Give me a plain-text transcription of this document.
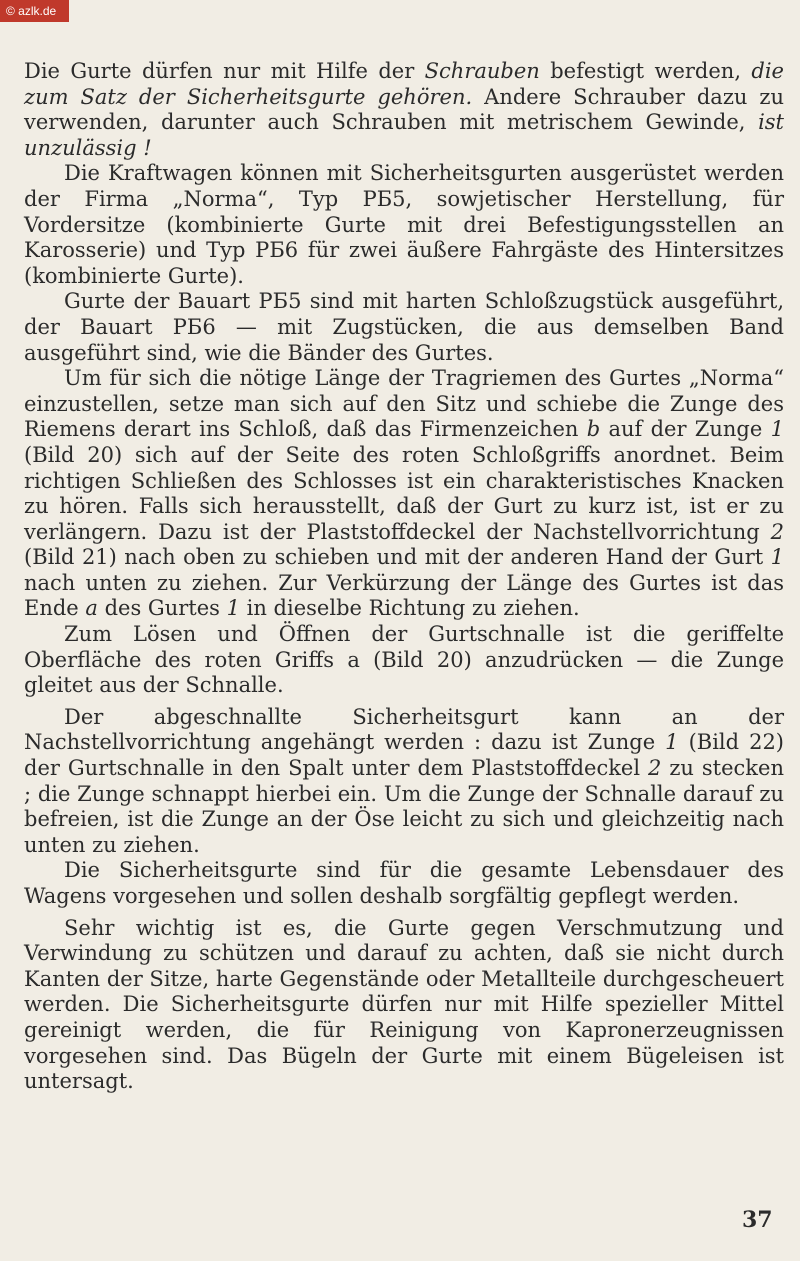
© azlk.de

Die Gurte dürfen nur mit Hilfe der Schrauben befestigt werden, die zum Satz der Sicherheitsgurte gehören. Andere Schrauber dazu zu verwenden, darunter auch Schrauben mit metrischem Gewinde, ist unzulässig !

Die Kraftwagen können mit Sicherheitsgurten ausgerüstet werden der Firma „Norma“, Typ РБ5, sowjetischer Herstellung, für Vordersitze (kombinierte Gurte mit drei Befestigungsstellen an Karosserie) und Typ РБ6 für zwei äußere Fahrgäste des Hintersitzes (kombinierte Gurte).

Gurte der Bauart РБ5 sind mit harten Schloßzugstück ausgeführt, der Bauart РБ6 — mit Zugstücken, die aus demselben Band ausgeführt sind, wie die Bänder des Gurtes.

Um für sich die nötige Länge der Tragriemen des Gurtes „Norma“ einzustellen, setze man sich auf den Sitz und schiebe die Zunge des Riemens derart ins Schloß, daß das Firmenzeichen b auf der Zunge 1 (Bild 20) sich auf der Seite des roten Schloßgriffs anordnet. Beim richtigen Schließen des Schlosses ist ein charakteristisches Knacken zu hören. Falls sich herausstellt, daß der Gurt zu kurz ist, ist er zu verlängern. Dazu ist der Plaststoffdeckel der Nachstellvorrichtung 2 (Bild 21) nach oben zu schieben und mit der anderen Hand der Gurt 1 nach unten zu ziehen. Zur Verkürzung der Länge des Gurtes ist das Ende a des Gurtes 1 in dieselbe Richtung zu ziehen.

Zum Lösen und Öffnen der Gurtschnalle ist die geriffelte Oberfläche des roten Griffs a (Bild 20) anzudrücken — die Zunge gleitet aus der Schnalle.

Der abgeschnallte Sicherheitsgurt kann an der Nachstellvorrichtung angehängt werden : dazu ist Zunge 1 (Bild 22) der Gurtschnalle in den Spalt unter dem Plaststoffdeckel 2 zu stecken ; die Zunge schnappt hierbei ein. Um die Zunge der Schnalle darauf zu befreien, ist die Zunge an der Öse leicht zu sich und gleichzeitig nach unten zu ziehen.

Die Sicherheitsgurte sind für die gesamte Lebensdauer des Wagens vorgesehen und sollen deshalb sorgfältig gepflegt werden.

Sehr wichtig ist es, die Gurte gegen Verschmutzung und Verwindung zu schützen und darauf zu achten, daß sie nicht durch Kanten der Sitze, harte Gegenstände oder Metallteile durchgescheuert werden. Die Sicherheitsgurte dürfen nur mit Hilfe spezieller Mittel gereinigt werden, die für Reinigung von Kapronerzeugnissen vorgesehen sind. Das Bügeln der Gurte mit einem Bügeleisen ist untersagt.

37
